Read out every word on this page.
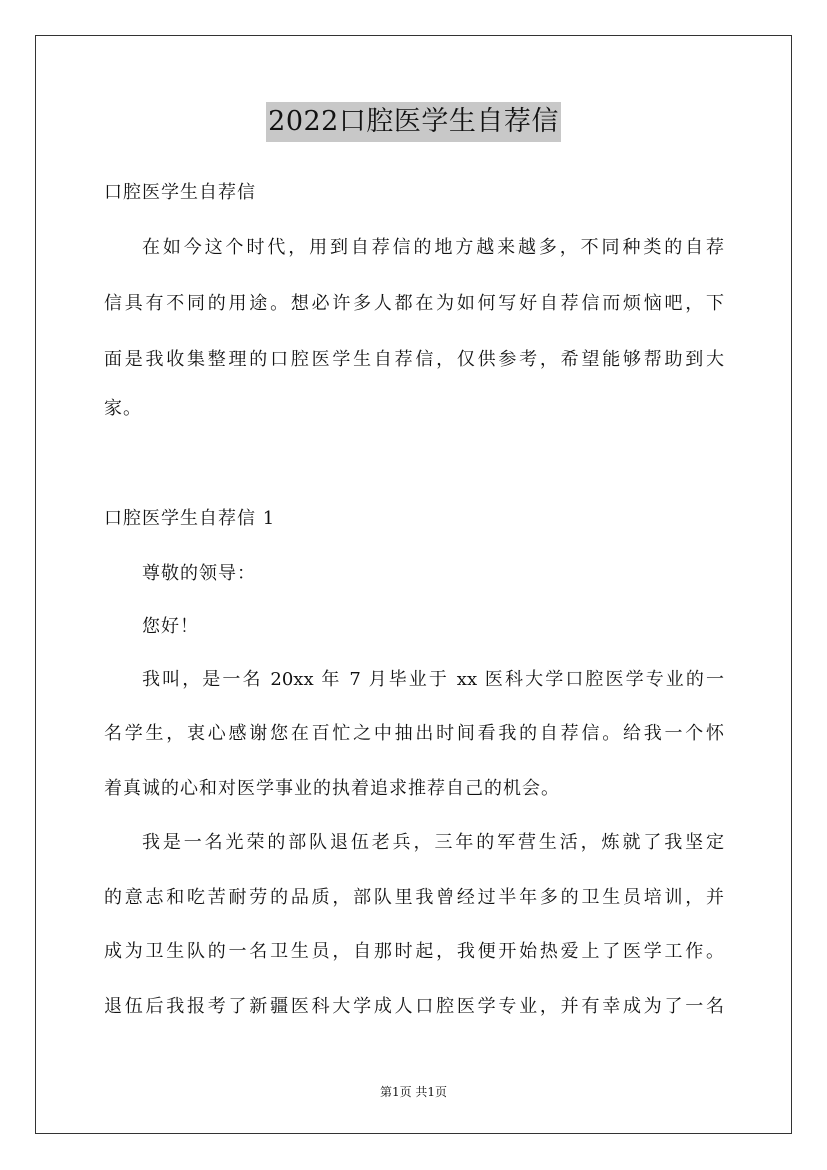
2022口腔医学生自荐信
口腔医学生自荐信
在如今这个时代，用到自荐信的地方越来越多，不同种类的自荐
信具有不同的用途。想必许多人都在为如何写好自荐信而烦恼吧，下
面是我收集整理的口腔医学生自荐信，仅供参考，希望能够帮助到大
家。
口腔医学生自荐信 1
尊敬的领导：
您好！
我叫，是一名 20xx 年 7 月毕业于 xx 医科大学口腔医学专业的一
名学生，衷心感谢您在百忙之中抽出时间看我的自荐信。给我一个怀
着真诚的心和对医学事业的执着追求推荐自己的机会。
我是一名光荣的部队退伍老兵，三年的军营生活，炼就了我坚定
的意志和吃苦耐劳的品质，部队里我曾经过半年多的卫生员培训，并
成为卫生队的一名卫生员，自那时起，我便开始热爱上了医学工作。
退伍后我报考了新疆医科大学成人口腔医学专业，并有幸成为了一名
第1页 共1页
